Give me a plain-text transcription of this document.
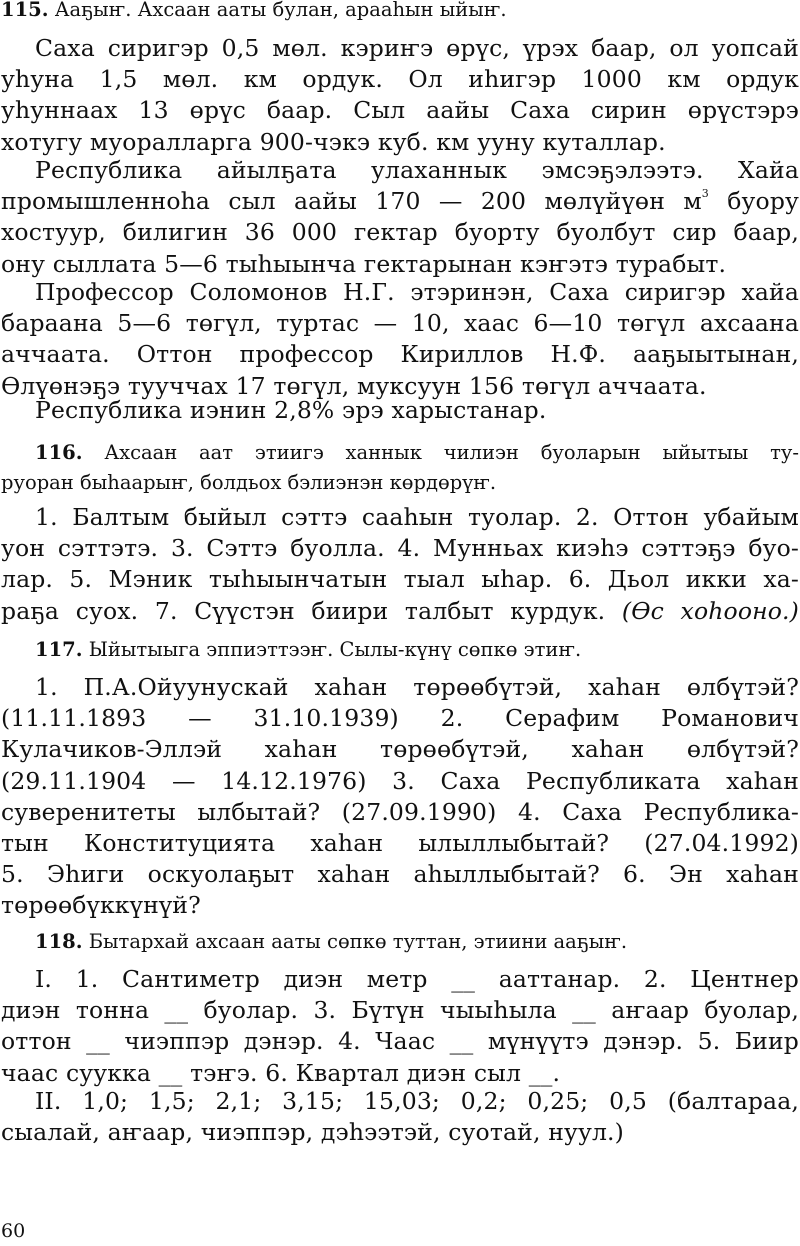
115. Ааҕыҥ. Ахсаан ааты булан, арааһын ыйыҥ.

Саха сиригэр 0,5 мөл. кэриҥэ өрүс, үрэх баар, ол уопсай
уһуна 1,5 мөл. км ордук. Ол иһигэр 1000 км ордук
уһуннаах 13 өрүс баар. Сыл аайы Саха сирин өрүстэрэ
хотугу муоралларга 900-чэкэ куб. км ууну куталлар.

Республика айылҕата улаханнык эмсэҕэлээтэ. Хайа
промышленноһа сыл аайы 170 — 200 мөлүйүөн $м^3$ буору
хостуур, билигин 36 000 гектар буорту буолбут сир баар,
ону сыллата 5—6 тыһыынча гектарынан кэҥэтэ турабыт.

Профессор Соломонов Н.Г. этэринэн, Саха сиригэр хайа
бараана 5—6 төгүл, туртас — 10, хаас 6—10 төгүл ахсаана
аччаата. Оттон профессор Кириллов Н.Ф. ааҕыытынан,
Өлүөнэҕэ тууччах 17 төгүл, муксуун 156 төгүл аччаата.

Республика иэнин 2,8% эрэ харыстанар.

116. Ахсаан аат этиигэ ханнык чилиэн буоларын ыйытыы ту-
руоран быһаарыҥ, болдьох бэлиэнэн көрдөрүҥ.

1. Балтым быйыл сэттэ сааһын туолар. 2. Оттон убайым
уон сэттэтэ. 3. Сэттэ буолла. 4. Мунньах киэһэ сэттэҕэ буо-
лар. 5. Мэник тыһыынчатын тыал ыһар. 6. Дьол икки ха-
раҕа суох. 7. Сүүстэн биири талбыт курдук. (Өс хоһооно.)

117. Ыйытыыга эппиэттээҥ. Сылы-күнү сөпкө этиҥ.

1. П.А.Ойуунускай хаһан төрөөбүтэй, хаһан өлбүтэй?
(11.11.1893 — 31.10.1939) 2. Серафим Романович
Кулачиков-Эллэй хаһан төрөөбүтэй, хаһан өлбүтэй?
(29.11.1904 — 14.12.1976) 3. Саха Республиката хаһан
суверенитеты ылбытай? (27.09.1990) 4. Саха Республика-
тын Конституцията хаһан ылыллыбытай? (27.04.1992)
5. Эһиги оскуолаҕыт хаһан аһыллыбытай? 6. Эн хаһан
төрөөбүккүнүй?

118. Бытархай ахсаан ааты сөпкө туттан, этиини ааҕыҥ.

I. 1. Сантиметр диэн метр __ ааттанар. 2. Центнер
диэн тонна __ буолар. 3. Бүтүн чыыһыла __ аҥаар буолар,
оттон __ чиэппэр дэнэр. 4. Чаас __ мүнүүтэ дэнэр. 5. Биир
чаас суукка __ тэҥэ. 6. Квартал диэн сыл __.

II. 1,0; 1,5; 2,1; 3,15; 15,03; 0,2; 0,25; 0,5 (балтараа,
сыалай, аҥаар, чиэппэр, дэһээтэй, суотай, нуул.)

60
